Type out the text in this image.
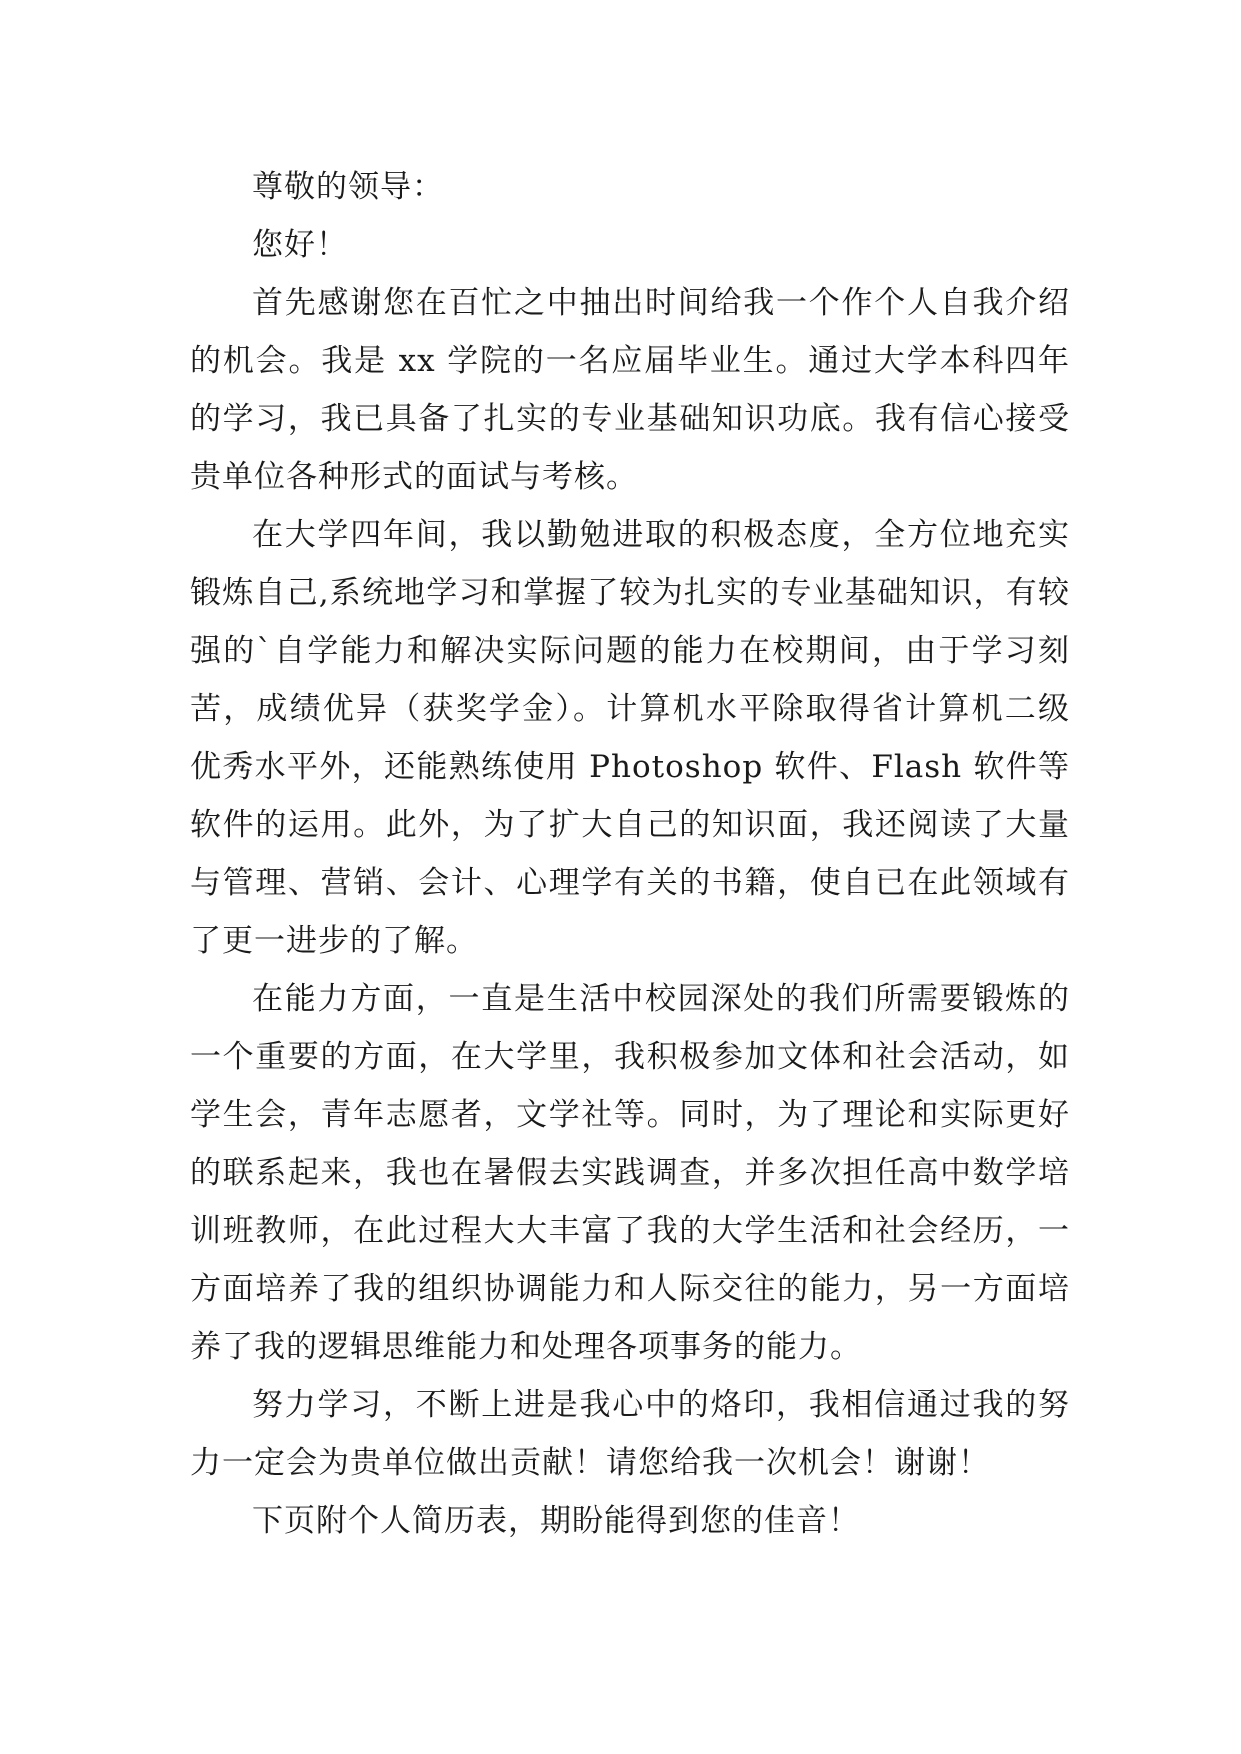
尊敬的领导：

您好！

首先感谢您在百忙之中抽出时间给我一个作个人自我介绍的机会。我是 xx 学院的一名应届毕业生。通过大学本科四年的学习，我已具备了扎实的专业基础知识功底。我有信心接受贵单位各种形式的面试与考核。

在大学四年间，我以勤勉进取的积极态度，全方位地充实锻炼自己,系统地学习和掌握了较为扎实的专业基础知识，有较强的`自学能力和解决实际问题的能力在校期间，由于学习刻苦，成绩优异（获奖学金）。计算机水平除取得省计算机二级优秀水平外，还能熟练使用 Photoshop 软件、Flash 软件等软件的运用。此外，为了扩大自己的知识面，我还阅读了大量与管理、营销、会计、心理学有关的书籍，使自已在此领域有了更一进步的了解。

在能力方面，一直是生活中校园深处的我们所需要锻炼的一个重要的方面，在大学里，我积极参加文体和社会活动，如学生会，青年志愿者，文学社等。同时，为了理论和实际更好的联系起来，我也在暑假去实践调查，并多次担任高中数学培训班教师，在此过程大大丰富了我的大学生活和社会经历，一方面培养了我的组织协调能力和人际交往的能力，另一方面培养了我的逻辑思维能力和处理各项事务的能力。

努力学习，不断上进是我心中的烙印，我相信通过我的努力一定会为贵单位做出贡献！请您给我一次机会！谢谢！

下页附个人简历表，期盼能得到您的佳音！
